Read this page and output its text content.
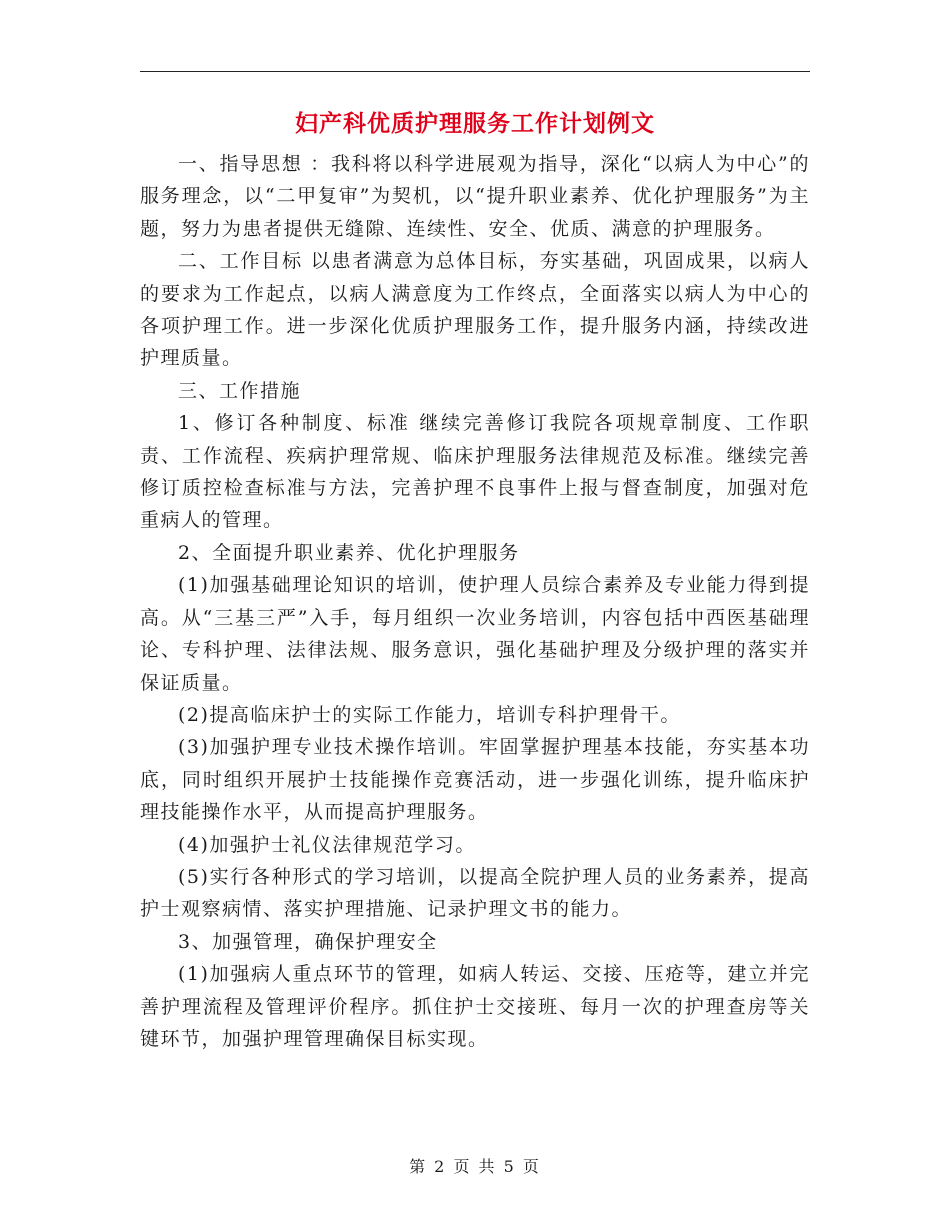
妇产科优质护理服务工作计划例文

一、指导思想 ：我科将以科学进展观为指导，深化“以病人为中心”的服务理念，以“二甲复审”为契机，以“提升职业素养、优化护理服务”为主题，努力为患者提供无缝隙、连续性、安全、优质、满意的护理服务。

二、工作目标 以患者满意为总体目标，夯实基础，巩固成果，以病人的要求为工作起点，以病人满意度为工作终点，全面落实以病人为中心的各项护理工作。进一步深化优质护理服务工作，提升服务内涵，持续改进护理质量。

三、工作措施

1、修订各种制度、标准 继续完善修订我院各项规章制度、工作职责、工作流程、疾病护理常规、临床护理服务法律规范及标准。继续完善修订质控检查标准与方法，完善护理不良事件上报与督查制度，加强对危重病人的管理。

2、全面提升职业素养、优化护理服务

(1)加强基础理论知识的培训，使护理人员综合素养及专业能力得到提高。从“三基三严”入手，每月组织一次业务培训，内容包括中西医基础理论、专科护理、法律法规、服务意识，强化基础护理及分级护理的落实并保证质量。

(2)提高临床护士的实际工作能力，培训专科护理骨干。

(3)加强护理专业技术操作培训。牢固掌握护理基本技能，夯实基本功底，同时组织开展护士技能操作竞赛活动，进一步强化训练，提升临床护理技能操作水平，从而提高护理服务。

(4)加强护士礼仪法律规范学习。

(5)实行各种形式的学习培训，以提高全院护理人员的业务素养，提高护士观察病情、落实护理措施、记录护理文书的能力。

3、加强管理，确保护理安全

(1)加强病人重点环节的管理，如病人转运、交接、压疮等，建立并完善护理流程及管理评价程序。抓住护士交接班、每月一次的护理查房等关键环节，加强护理管理确保目标实现。

第 2 页 共 5 页
